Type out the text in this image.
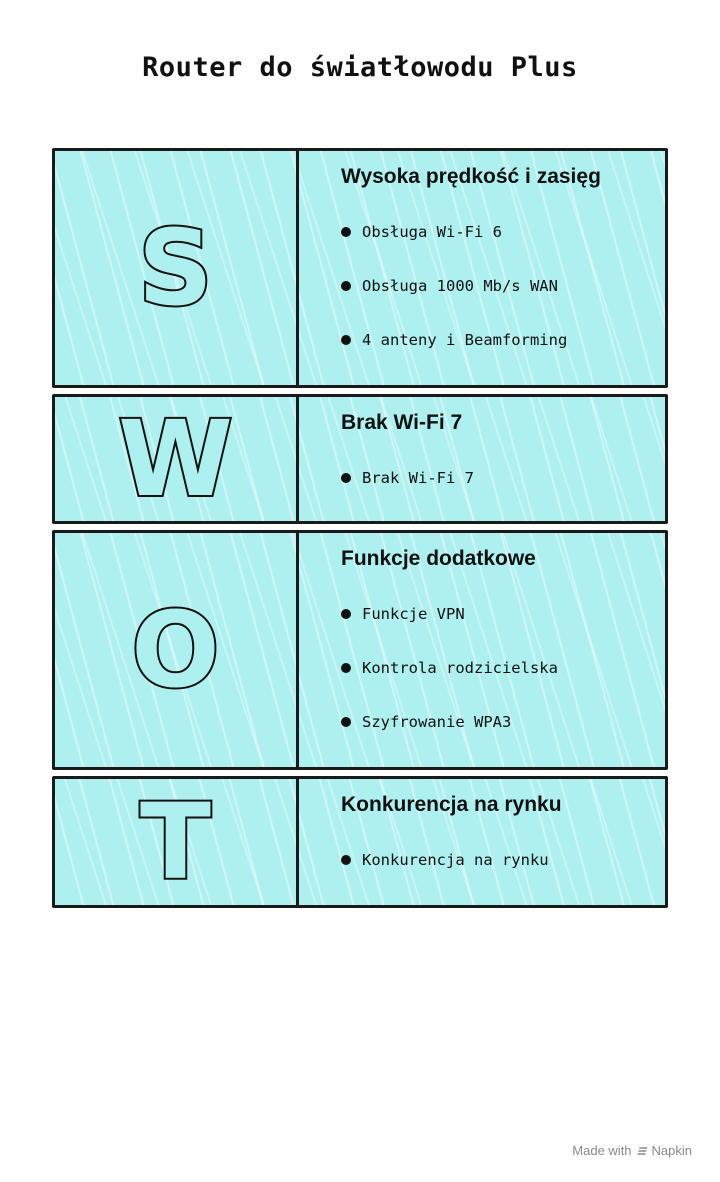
Router do światłowodu Plus
S
Wysoka prędkość i zasięg
Obsługa Wi-Fi 6
Obsługa 1000 Mb/s WAN
4 anteny i Beamforming
W	Brak Wi-Fi 7
Brak Wi-Fi 7
O
Funkcje dodatkowe
Funkcje VPN
Kontrola rodzicielska
Szyfrowanie WPA3
T	Konkurencja na rynku
Konkurencja na rynku
Made with Napkin
